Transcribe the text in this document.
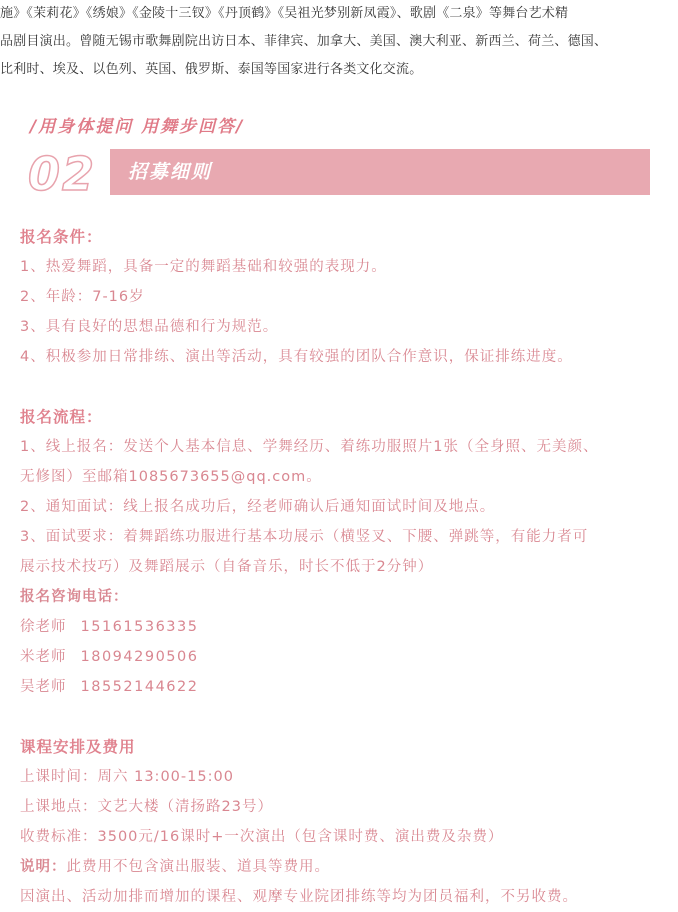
施》《茉莉花》《绣娘》《金陵十三钗》《丹顶鹤》《吴祖光梦别新凤霞》、歌剧《二泉》等舞台艺术精
品剧目演出。曾随无锡市歌舞剧院出访日本、菲律宾、加拿大、美国、澳大利亚、新西兰、荷兰、德国、
比利时、埃及、以色列、英国、俄罗斯、泰国等国家进行各类文化交流。
/用身体提问 用舞步回答/
02 招募细则
报名条件：
1、热爱舞蹈，具备一定的舞蹈基础和较强的表现力。
2、年龄：7-16岁
3、具有良好的思想品德和行为规范。
4、积极参加日常排练、演出等活动，具有较强的团队合作意识，保证排练进度。
报名流程：
1、线上报名：发送个人基本信息、学舞经历、着练功服照片1张（全身照、无美颜、
无修图）至邮箱1085673655@qq.com。
2、通知面试：线上报名成功后，经老师确认后通知面试时间及地点。
3、面试要求：着舞蹈练功服进行基本功展示（横竖叉、下腰、弹跳等，有能力者可
展示技术技巧）及舞蹈展示（自备音乐，时长不低于2分钟）
报名咨询电话：
徐老师 15161536335
米老师 18094290506
吴老师 18552144622
课程安排及费用
上课时间：周六 13:00-15:00
上课地点：文艺大楼（清扬路23号）
收费标准：3500元/16课时+一次演出（包含课时费、演出费及杂费）
说明：此费用不包含演出服装、道具等费用。
因演出、活动加排而增加的课程、观摩专业院团排练等均为团员福利，不另收费。
